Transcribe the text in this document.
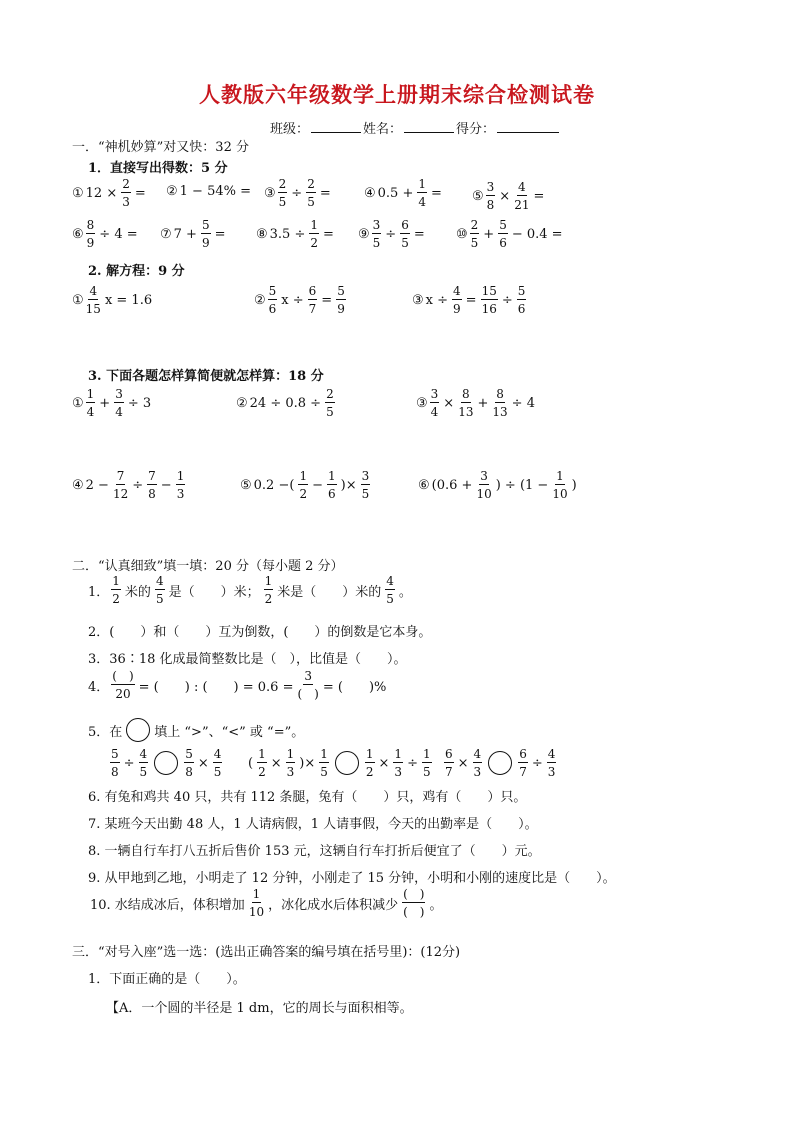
人教版六年级数学上册期末综合检测试卷
班级：	姓名：	得分：
一．“神机妙算”对又快：32 分
1．直接写出得数：5 分
① $12 \times \frac{2}{3}$ = ② 1 − 54% = ③ $\frac{2}{5} \div \frac{2}{5}$ =	④ $0.5 + \frac{1}{4}$ = ⑤ $\frac{3}{8} \times \frac{4}{21}$ =
⑥ $\frac{8}{9} \div 4$ = ⑦ $7 + \frac{5}{9}$ = ⑧ $3.5 \div \frac{1}{2}$ = ⑨ $\frac{3}{5} \div \frac{6}{5}$ = ⑩ $\frac{2}{5} + \frac{5}{6} - 0.4$ =
2. 解方程：9 分
① $\frac{4}{15}$ x = 1.6	② $\frac{5}{6}$ $x \div \frac{6}{7} = \frac{5}{9}$	③ $x \div \frac{4}{9} = \frac{15}{16} \div \frac{5}{6}$
3. 下面各题怎样算简便就怎样算：18 分
① $\frac{1}{4} + \frac{3}{4} \div 3$	② $24 \div 0.8 \div \frac{2}{5}$	③ $\frac{3}{4} \times \frac{8}{13} + \frac{8}{13} \div 4$
④ $2 - \frac{7}{12} \div \frac{7}{8} - \frac{1}{3}$	⑤ 0.2 −( $\frac{1}{2} - \frac{1}{6}$ )× $\frac{3}{5}$	⑥ ($0.6 + \frac{3}{10}$ ) ÷ ($1 - \frac{1}{10}$ )
二．“认真细致”填一填：20 分（每小题 2 分）
1． $\frac{1}{2}$ 米的 $\frac{4}{5}$ 是（　　）米； $\frac{1}{2}$ 米是（　　）米的 $\frac{4}{5}$ 。
2．(　　）和（　　）互为倒数，(　　）的倒数是它本身。
3．36∶18 化成最简整数比是（　），比值是（　　）。
4． $\frac{( )}{20}$ = (　　) : (　　) = $0.6 = \frac{3}{( )}$ = (　　)%
5．在 填上 “>”、“<” 或 “=”。
$\frac{5}{8} \div \frac{4}{5}$	$\frac{5}{8} \times \frac{4}{5}$ ( $\frac{1}{2} \times \frac{1}{3}$ )× $\frac{1}{5}$	$\frac{1}{2} \times \frac{1}{3} \div \frac{1}{5} \frac{6}{7} \times \frac{4}{3}$	$\frac{6}{7} \div \frac{4}{3}$
6. 有兔和鸡共 40 只，共有 112 条腿，兔有（　　）只，鸡有（　　）只。
7. 某班今天出勤 48 人，1 人请病假，1 人请事假，今天的出勤率是（　　）。
8. 一辆自行车打八五折后售价 153 元，这辆自行车打折后便宜了（　　）元。
9. 从甲地到乙地，小明走了 12 分钟，小刚走了 15 分钟，小明和小刚的速度比是（　　）。
10. 水结成冰后，体积增加 $\frac{1}{10}$ ，冰化成水后体积减少 $\frac{( )}{( )}$ 。
三．“对号入座”选一选：(选出正确答案的编号填在括号里)：(12分)
1．下面正确的是（　　）。
【A．一个圆的半径是 1 dm，它的周长与面积相等。
